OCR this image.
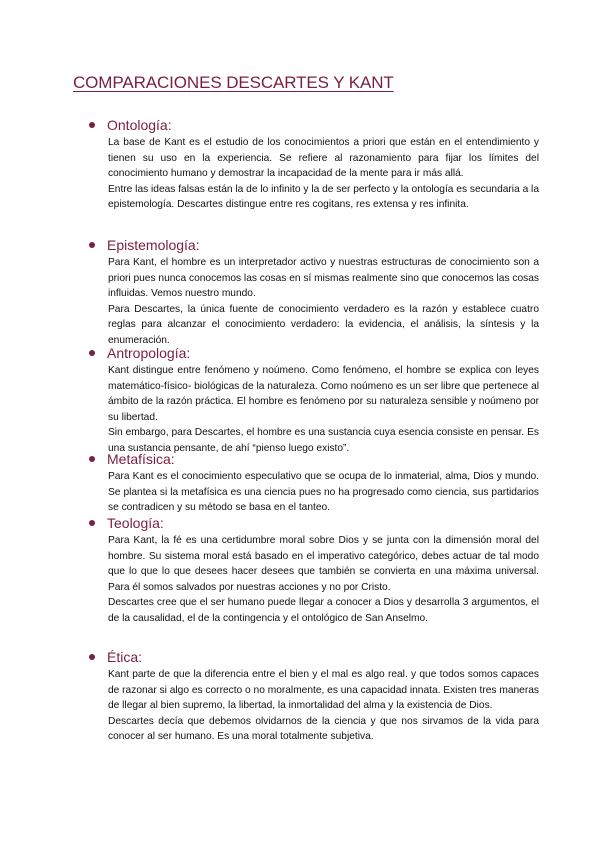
COMPARACIONES DESCARTES Y KANT
Ontología:

La base de Kant es el estudio de los conocimientos a priori que están en el entendimiento y tienen su uso en la experiencia. Se refiere al razonamiento para fijar los límites del conocimiento humano y demostrar la incapacidad de la mente para ir más allá.

Entre las ideas falsas están la de lo infinito y la de ser perfecto y la ontología es secundaria a la epistemología. Descartes distingue entre res cogitans, res extensa y res infinita.

Epistemología:

Para Kant, el hombre es un interpretador activo y nuestras estructuras de conocimiento son a priori pues nunca conocemos las cosas en sí mismas realmente sino que conocemos las cosas influidas. Vemos nuestro mundo.

Para Descartes, la única fuente de conocimiento verdadero es la razón y establece cuatro reglas para alcanzar el conocimiento verdadero: la evidencia, el análisis, la síntesis y la enumeración.

Antropología:

Kant distingue entre fenómeno y noúmeno. Como fenómeno, el hombre se explica con leyes matemático-físico- biológicas de la naturaleza. Como noúmeno es un ser libre que pertenece al ámbito de la razón práctica. El hombre es fenómeno por su naturaleza sensible y noúmeno por su libertad.

Sin embargo, para Descartes, el hombre es una sustancia cuya esencia consiste en pensar. Es una sustancia pensante, de ahí “pienso luego existo”.

Metafísica:

Para Kant es el conocimiento especulativo que se ocupa de lo inmaterial, alma, Dios y mundo. Se plantea si la metafísica es una ciencia pues no ha progresado como ciencia, sus partidarios se contradicen y su método se basa en el tanteo.

Teología:

Para Kant, la fé es una certidumbre moral sobre Dios y se junta con la dimensión moral del hombre. Su sistema moral está basado en el imperativo categórico, debes actuar de tal modo que lo que lo que desees hacer desees que también se convierta en una máxima universal. Para él somos salvados por nuestras acciones y no por Cristo.

Descartes cree que el ser humano puede llegar a conocer a Dios y desarrolla 3 argumentos, el de la causalidad, el de la contingencia y el ontológico de San Anselmo.

Ética:

Kant parte de que la diferencia entre el bien y el mal es algo real. y que todos somos capaces de razonar si algo es correcto o no moralmente, es una capacidad innata. Existen tres maneras de llegar al bien supremo, la libertad, la inmortalidad del alma y la existencia de Dios.

Descartes decía que debemos olvidarnos de la ciencia y que nos sirvamos de la vida para conocer al ser humano. Es una moral totalmente subjetiva.
